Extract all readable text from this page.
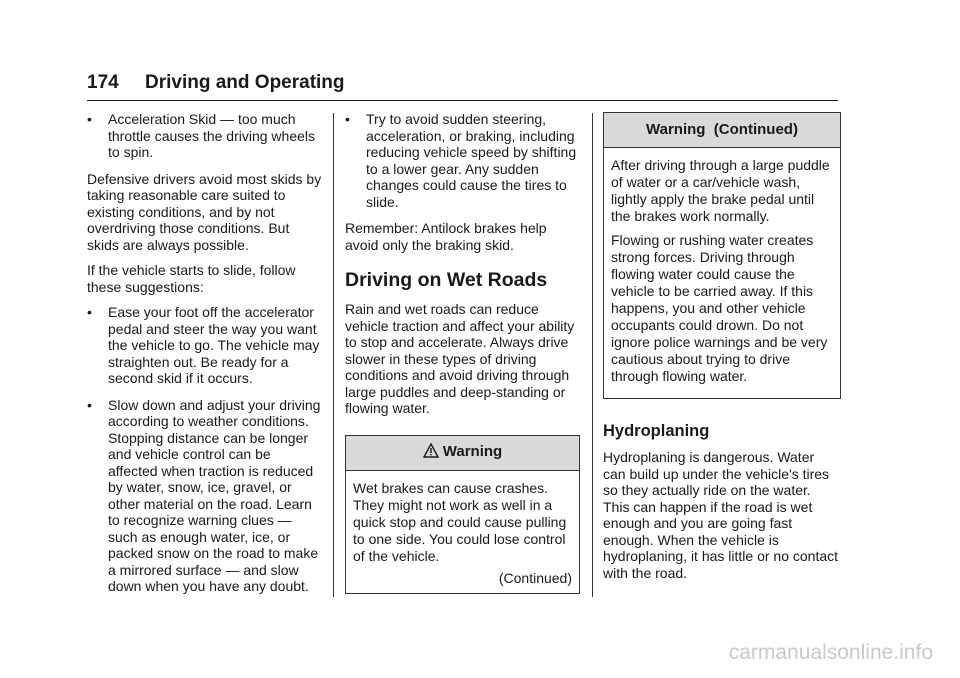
174 Driving and Operating
•	Acceleration Skid — too much throttle causes the driving wheels to spin.

Defensive drivers avoid most skids by taking reasonable care suited to existing conditions, and by not overdriving those conditions. But skids are always possible.

If the vehicle starts to slide, follow these suggestions:

•	Ease your foot off the accelerator pedal and steer the way you want the vehicle to go. The vehicle may straighten out. Be ready for a second skid if it occurs.
•	Slow down and adjust your driving according to weather conditions. Stopping distance can be longer and vehicle control can be affected when traction is reduced by water, snow, ice, gravel, or other material on the road. Learn to recognize warning clues — such as enough water, ice, or packed snow on the road to make a mirrored surface — and slow down when you have any doubt.
•	Try to avoid sudden steering, acceleration, or braking, including reducing vehicle speed by shifting to a lower gear. Any sudden changes could cause the tires to slide.

Remember: Antilock brakes help avoid only the braking skid.

Driving on Wet Roads

Rain and wet roads can reduce vehicle traction and affect your ability to stop and accelerate. Always drive slower in these types of driving conditions and avoid driving through large puddles and deep-standing or flowing water.

Warning

Wet brakes can cause crashes. They might not work as well in a quick stop and could cause pulling to one side. You could lose control of the vehicle.

(Continued)
Warning  (Continued)

After driving through a large puddle of water or a car/vehicle wash, lightly apply the brake pedal until the brakes work normally.

Flowing or rushing water creates strong forces. Driving through flowing water could cause the vehicle to be carried away. If this happens, you and other vehicle occupants could drown. Do not ignore police warnings and be very cautious about trying to drive through flowing water.

Hydroplaning

Hydroplaning is dangerous. Water can build up under the vehicle's tires so they actually ride on the water. This can happen if the road is wet enough and you are going fast enough. When the vehicle is hydroplaning, it has little or no contact with the road.

carmanualsonline.info
